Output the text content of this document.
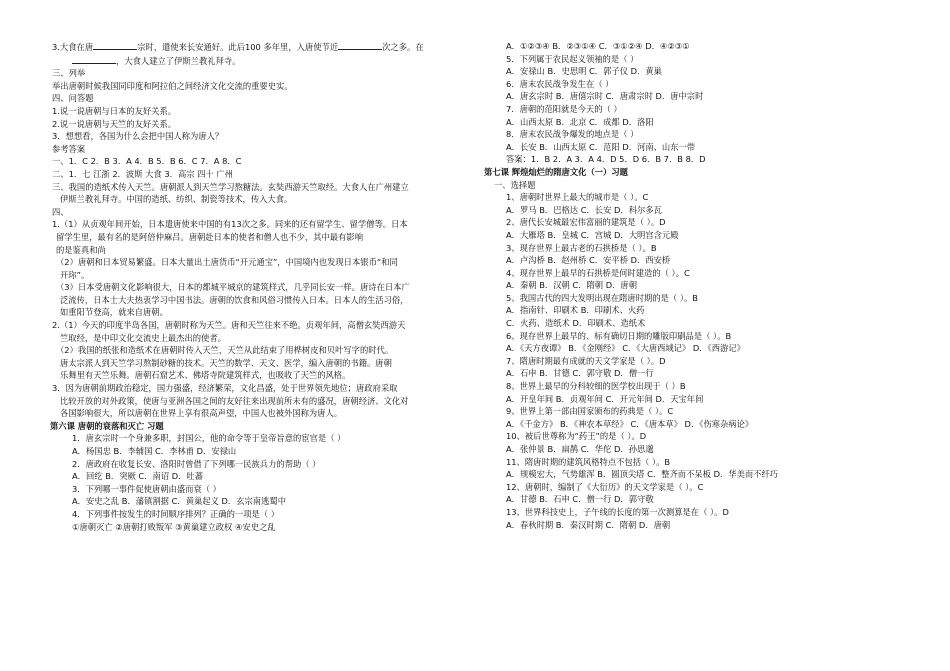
3.大食在唐	宗时，遣使来长安通好。此后100 多年里，入唐使节近	次之多。在
，大食人建立了伊斯兰教礼拜寺。
三、列举
举出唐朝时候我国同印度和阿拉伯之间经济文化交流的重要史实。
四、问答题
1.说一说唐朝与日本的友好关系。
2.说一说唐朝与天竺的友好关系。
3．想想看，各国为什么会把中国人称为唐人？
参考答案
一、1．C 2．B 3．A 4．B 5．B 6．C 7．A 8．C
二、1．七 江浙 2．波斯 大食 3．高宗 四十 广州
三、我国的造纸术传入天竺。唐朝派人到天竺学习熬糖法。玄奘西游天竺取经。大食人在广州建立
伊斯兰教礼拜寺。中国的造纸、纺织、制瓷等技术，传入大食。
四、
1.（1）从贞观年间开始，日本遣唐使来中国的有13次之多。同来的还有留学生、留学僧等。日本
留学生里，最有名的是阿倍仲麻吕。唐朝赴日本的使者和僧人也不少，其中最有影响
的是鉴真和尚
（2）唐朝和日本贸易繁盛。日本大量出土唐货币“开元通宝”，中国境内也发现日本银币“和同
开珎”。
（3）日本受唐朝文化影响很大，日本的都城平城京的建筑样式，几乎同长安一样。唐诗在日本广
泛流传，日本士大夫热衷学习中国书法。唐朝的饮食和风俗习惯传入日本。日本人的生活习俗，
如重阳节登高，就来自唐朝。
2.（1）今天的印度半岛各国，唐朝时称为天竺。唐和天竺往来不绝。贞观年间，高僧玄奘西游天
竺取经，是中印文化交流史上最杰出的使者。
（2）我国的纸张和造纸术在唐朝时传入天竺，天竺从此结束了用桦树皮和贝叶写字的时代。
唐太宗派人到天竺学习熬制砂糖的技术。天竺的数学、天文、医学，编入唐朝的书籍。唐朝
乐舞里有天竺乐舞。唐朝石窟艺术、佛塔寺院建筑样式，也吸收了天竺的风格。
3．因为唐朝前期政治稳定，国力强盛，经济繁荣，文化昌盛，处于世界领先地位；唐政府采取
比较开放的对外政策，使唐与亚洲各国之间的友好往来出现前所未有的盛况，唐朝经济、文化对
各国影响很大，所以唐朝在世界上享有很高声望，中国人也被外国称为唐人。
第六课 唐朝的衰落和灭亡 习题
1．唐玄宗时一个身兼多职，封国公，他的命令等于皇帝旨意的宦官是（ ）
A．杨国忠 B．李辅国 C．李林甫 D．安禄山
2．唐政府在收复长安、洛阳时曾借了下列哪一民族兵力的帮助（ ）
A．回纥 B．突厥 C．南诏 D．吐蕃
3．下列哪一事件促使唐朝由盛而衰（ ）
A．安史之乱 B．藩镇割据 C．黄巢起义 D．玄宗南逃蜀中
4．下列事件按发生的时间顺序排列？正确的一项是（ ）
①唐朝灭亡 ②唐朝打败叛军 ③黄巢建立政权 ④安史之乱
A．①②③④ B．②③①④ C．③①②④ D．④②③①
5．下列属于农民起义领袖的是（ ）
A．安禄山 B．史思明 C．郭子仪 D．黄巢
6．唐末农民战争发生在（ ）
A．唐玄宗时 B．唐僖宗时 C．唐肃宗时 D．唐中宗时
7．唐朝的范阳就是今天的（ ）
A．山西太原 B．北京 C．成都 D．洛阳
8．唐末农民战争爆发的地点是（ ）
A．长安 B．山西太原 C．范阳 D．河南、山东一带
答案：1．B 2．A 3．A 4．D 5．D 6．B 7．B 8．D
第七课 辉煌灿烂的隋唐文化（一）习题
一、选择题
1、唐朝时世界上最大的城市是（ ）。C
A．罗马 B．巴格达 C．长安 D．科尔多瓦
2、唐代长安城最宏伟富丽的建筑是（ ）。D
A．大雁塔 B．皇城 C．宫城 D．大明宫含元殿
3、现存世界上最古老的石拱桥是（ ）。B
A．卢沟桥 B．赵州桥 C．安平桥 D．西安桥
4、现存世界上最早的石拱桥是何时建造的（ ）。C
A．秦朝 B．汉朝 C．隋朝 D．唐朝
5、我国古代的四大发明出现在隋唐时期的是（ ）。B
A．指南针、印刷术 B．印刷术、火药
C．火药、造纸术 D．印刷术、造纸术
6、现存世界上最早的、标有确切日期的雕版印刷品是（ ）。B
A．《天方夜谭》 B．《金刚经》 C．《大唐西域记》 D．《西游记》
7、隋唐时期最有成就的天文学家是（ ）。D
A．石申 B．甘德 C．郭守敬 D．僧一行
8、世界上最早的分科较细的医学校出现于（ ）B
A．开皇年间 B．贞观年间 C．开元年间 D．天宝年间
9、世界上第一部由国家颁布的药典是（ ）。C
A．《千金方》 B．《神农本草经》 C．《唐本草》 D．《伤寒杂病论》
10、被后世尊称为“药王”的是（ ）。D
A．张仲景 B．扁鹊 C．华佗 D．孙思邈
11、隋唐时期的建筑风格特点不包括（ ）。B
A．规模宏大，气势雄浑 B．圆顶尖塔 C．整齐而不呆板 D．华美而不纤巧
12、唐朝时，编制了《大衍历》的天文学家是（ ）。C
A．甘德 B．石申 C．僧一行 D．郭守敬
13、世界科技史上，子午线的长度的第一次测算是在（ ）。D
A．春秋时期 B．秦汉时期 C．隋朝 D．唐朝
